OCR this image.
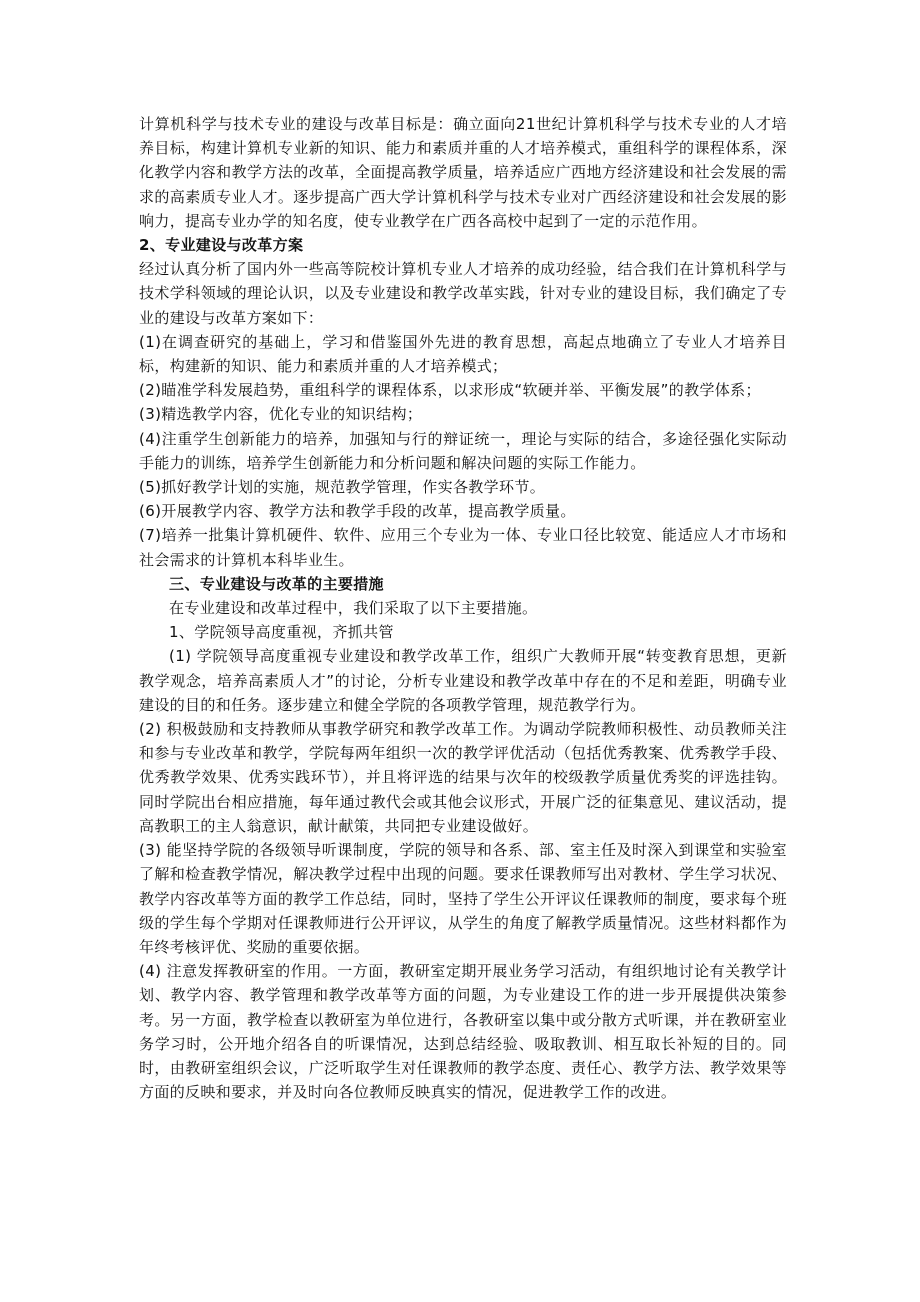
计算机科学与技术专业的建设与改革目标是：确立面向21世纪计算机科学与技术专业的人才培养目标，构建计算机专业新的知识、能力和素质并重的人才培养模式，重组科学的课程体系，深化教学内容和教学方法的改革，全面提高教学质量，培养适应广西地方经济建设和社会发展的需求的高素质专业人才。逐步提高广西大学计算机科学与技术专业对广西经济建设和社会发展的影响力，提高专业办学的知名度，使专业教学在广西各高校中起到了一定的示范作用。

2、专业建设与改革方案

经过认真分析了国内外一些高等院校计算机专业人才培养的成功经验，结合我们在计算机科学与技术学科领域的理论认识，以及专业建设和教学改革实践，针对专业的建设目标，我们确定了专业的建设与改革方案如下：

(1)在调查研究的基础上，学习和借鉴国外先进的教育思想，高起点地确立了专业人才培养目标，构建新的知识、能力和素质并重的人才培养模式；

(2)瞄准学科发展趋势，重组科学的课程体系，以求形成“软硬并举、平衡发展”的教学体系；

(3)精选教学内容，优化专业的知识结构；

(4)注重学生创新能力的培养，加强知与行的辩证统一，理论与实际的结合，多途径强化实际动手能力的训练，培养学生创新能力和分析问题和解决问题的实际工作能力。

(5)抓好教学计划的实施，规范教学管理，作实各教学环节。

(6)开展教学内容、教学方法和教学手段的改革，提高教学质量。

(7)培养一批集计算机硬件、软件、应用三个专业为一体、专业口径比较宽、能适应人才市场和社会需求的计算机本科毕业生。

三、专业建设与改革的主要措施

在专业建设和改革过程中，我们采取了以下主要措施。

1、学院领导高度重视，齐抓共管

(1) 学院领导高度重视专业建设和教学改革工作，组织广大教师开展“转变教育思想，更新教学观念，培养高素质人才”的讨论，分析专业建设和教学改革中存在的不足和差距，明确专业建设的目的和任务。逐步建立和健全学院的各项教学管理，规范教学行为。

(2) 积极鼓励和支持教师从事教学研究和教学改革工作。为调动学院教师积极性、动员教师关注和参与专业改革和教学，学院每两年组织一次的教学评优活动（包括优秀教案、优秀教学手段、优秀教学效果、优秀实践环节），并且将评选的结果与次年的校级教学质量优秀奖的评选挂钩。同时学院出台相应措施，每年通过教代会或其他会议形式，开展广泛的征集意见、建议活动，提高教职工的主人翁意识，献计献策，共同把专业建设做好。

(3) 能坚持学院的各级领导听课制度，学院的领导和各系、部、室主任及时深入到课堂和实验室了解和检查教学情况，解决教学过程中出现的问题。要求任课教师写出对教材、学生学习状况、教学内容改革等方面的教学工作总结，同时，坚持了学生公开评议任课教师的制度，要求每个班级的学生每个学期对任课教师进行公开评议，从学生的角度了解教学质量情况。这些材料都作为年终考核评优、奖励的重要依据。

(4) 注意发挥教研室的作用。一方面，教研室定期开展业务学习活动，有组织地讨论有关教学计划、教学内容、教学管理和教学改革等方面的问题，为专业建设工作的进一步开展提供决策参考。另一方面，教学检查以教研室为单位进行，各教研室以集中或分散方式听课，并在教研室业务学习时，公开地介绍各自的听课情况，达到总结经验、吸取教训、相互取长补短的目的。同时，由教研室组织会议，广泛听取学生对任课教师的教学态度、责任心、教学方法、教学效果等方面的反映和要求，并及时向各位教师反映真实的情况，促进教学工作的改进。
